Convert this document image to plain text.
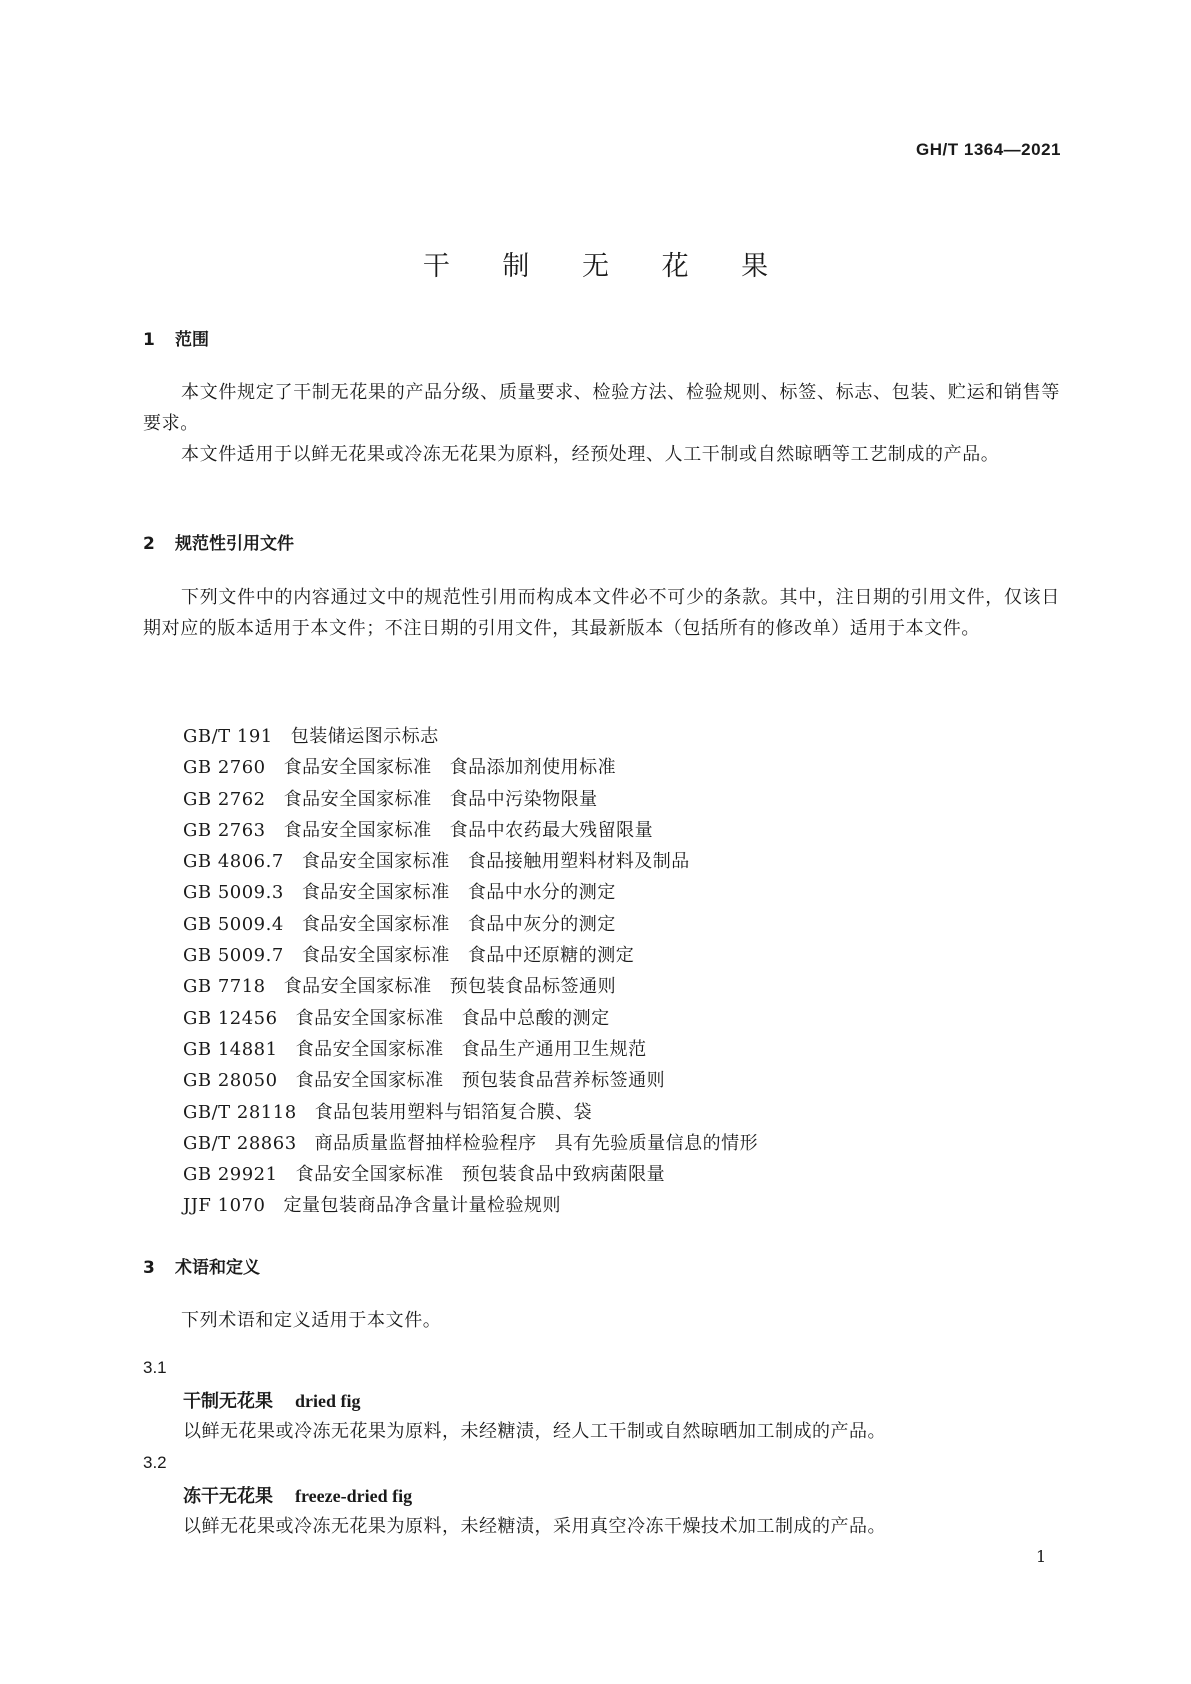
GH/T 1364—2021
干 制 无 花 果
1 范围

本文件规定了干制无花果的产品分级、质量要求、检验方法、检验规则、标签、标志、包装、贮运和销售等要求。

本文件适用于以鲜无花果或冷冻无花果为原料，经预处理、人工干制或自然晾晒等工艺制成的产品。

2 规范性引用文件

下列文件中的内容通过文中的规范性引用而构成本文件必不可少的条款。其中，注日期的引用文件，仅该日期对应的版本适用于本文件；不注日期的引用文件，其最新版本（包括所有的修改单）适用于本文件。

GB/T 191 包装储运图示标志
GB 2760 食品安全国家标准 食品添加剂使用标准
GB 2762 食品安全国家标准 食品中污染物限量
GB 2763 食品安全国家标准 食品中农药最大残留限量
GB 4806.7 食品安全国家标准 食品接触用塑料材料及制品
GB 5009.3 食品安全国家标准 食品中水分的测定
GB 5009.4 食品安全国家标准 食品中灰分的测定
GB 5009.7 食品安全国家标准 食品中还原糖的测定
GB 7718 食品安全国家标准 预包装食品标签通则
GB 12456 食品安全国家标准 食品中总酸的测定
GB 14881 食品安全国家标准 食品生产通用卫生规范
GB 28050 食品安全国家标准 预包装食品营养标签通则
GB/T 28118 食品包装用塑料与铝箔复合膜、袋
GB/T 28863 商品质量监督抽样检验程序 具有先验质量信息的情形
GB 29921 食品安全国家标准 预包装食品中致病菌限量
JJF 1070 定量包装商品净含量计量检验规则
3 术语和定义

下列术语和定义适用于本文件。

3.1
干制无花果 dried fig
以鲜无花果或冷冻无花果为原料，未经糖渍，经人工干制或自然晾晒加工制成的产品。
3.2
冻干无花果 freeze-dried fig
以鲜无花果或冷冻无花果为原料，未经糖渍，采用真空冷冻干燥技术加工制成的产品。
1
